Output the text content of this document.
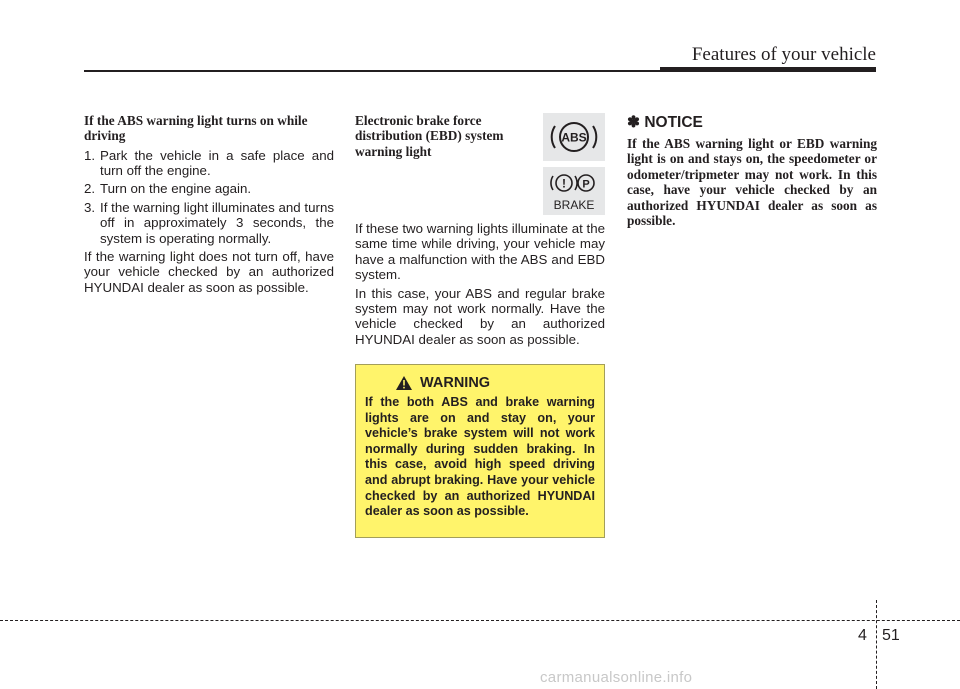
Features of your vehicle
If the ABS warning light turns on while driving
1. Park the vehicle in a safe place and turn off the engine.
2. Turn on the engine again.
3. If the warning light illuminates and turns off in approximately 3 seconds, the system is operating normally.

If the warning light does not turn off, have your vehicle checked by an authorized HYUNDAI dealer as soon as possible.

Electronic brake force distribution (EBD) system warning light
ABS
! P
BRAKE

If these two warning lights illuminate at the same time while driving, your vehicle may have a malfunction with the ABS and EBD system.

In this case, your ABS and regular brake system may not work normally. Have the vehicle checked by an authorized HYUNDAI dealer as soon as possible.

WARNING
If the both ABS and brake warning lights are on and stay on, your vehicle’s brake system will not work normally during sudden braking. In this case, avoid high speed driving and abrupt braking. Have your vehicle checked by an authorized HYUNDAI dealer as soon as possible.
✽ NOTICE
If the ABS warning light or EBD warning light is on and stays on, the speedometer or odometer/tripmeter may not work. In this case, have your vehicle checked by an authorized HYUNDAI dealer as soon as possible.
4 51
carmanualsonline.info
